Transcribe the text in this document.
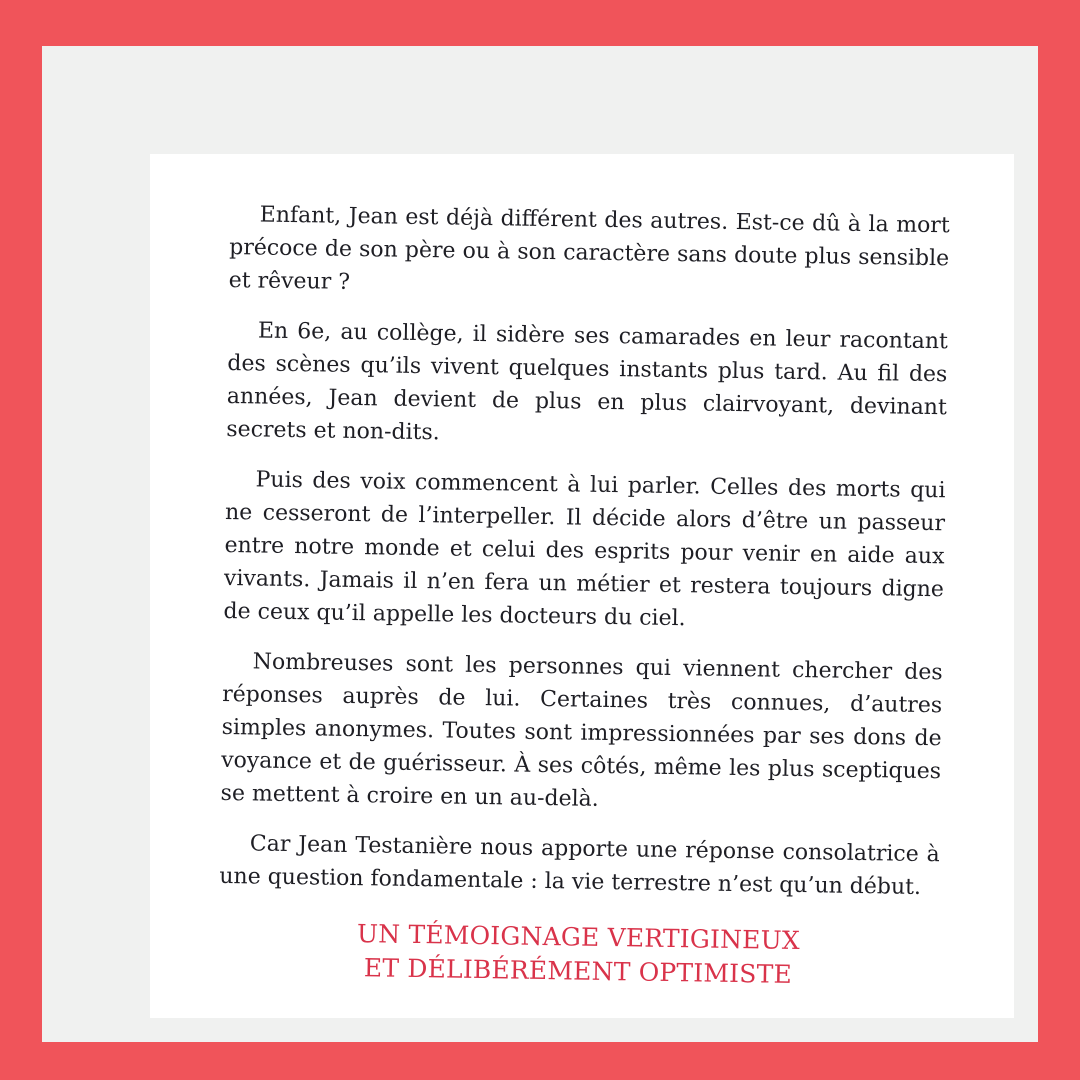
Enfant, Jean est déjà différent des autres. Est-ce dû à la mort précoce de son père ou à son caractère sans doute plus sensible et rêveur ?

En 6e, au collège, il sidère ses camarades en leur racontant des scènes qu’ils vivent quelques instants plus tard. Au fil des années, Jean devient de plus en plus clairvoyant, devinant secrets et non-dits.

Puis des voix commencent à lui parler. Celles des morts qui ne cesseront de l’interpeller. Il décide alors d’être un passeur entre notre monde et celui des esprits pour venir en aide aux vivants. Jamais il n’en fera un métier et restera toujours digne de ceux qu’il appelle les docteurs du ciel.

Nombreuses sont les personnes qui viennent chercher des réponses auprès de lui. Certaines très connues, d’autres simples anonymes. Toutes sont impressionnées par ses dons de voyance et de guérisseur. À ses côtés, même les plus sceptiques se mettent à croire en un au-delà.

Car Jean Testanière nous apporte une réponse consolatrice à une question fondamentale : la vie terrestre n’est qu’un début.

UN TÉMOIGNAGE VERTIGINEUX
ET DÉLIBÉRÉMENT OPTIMISTE
